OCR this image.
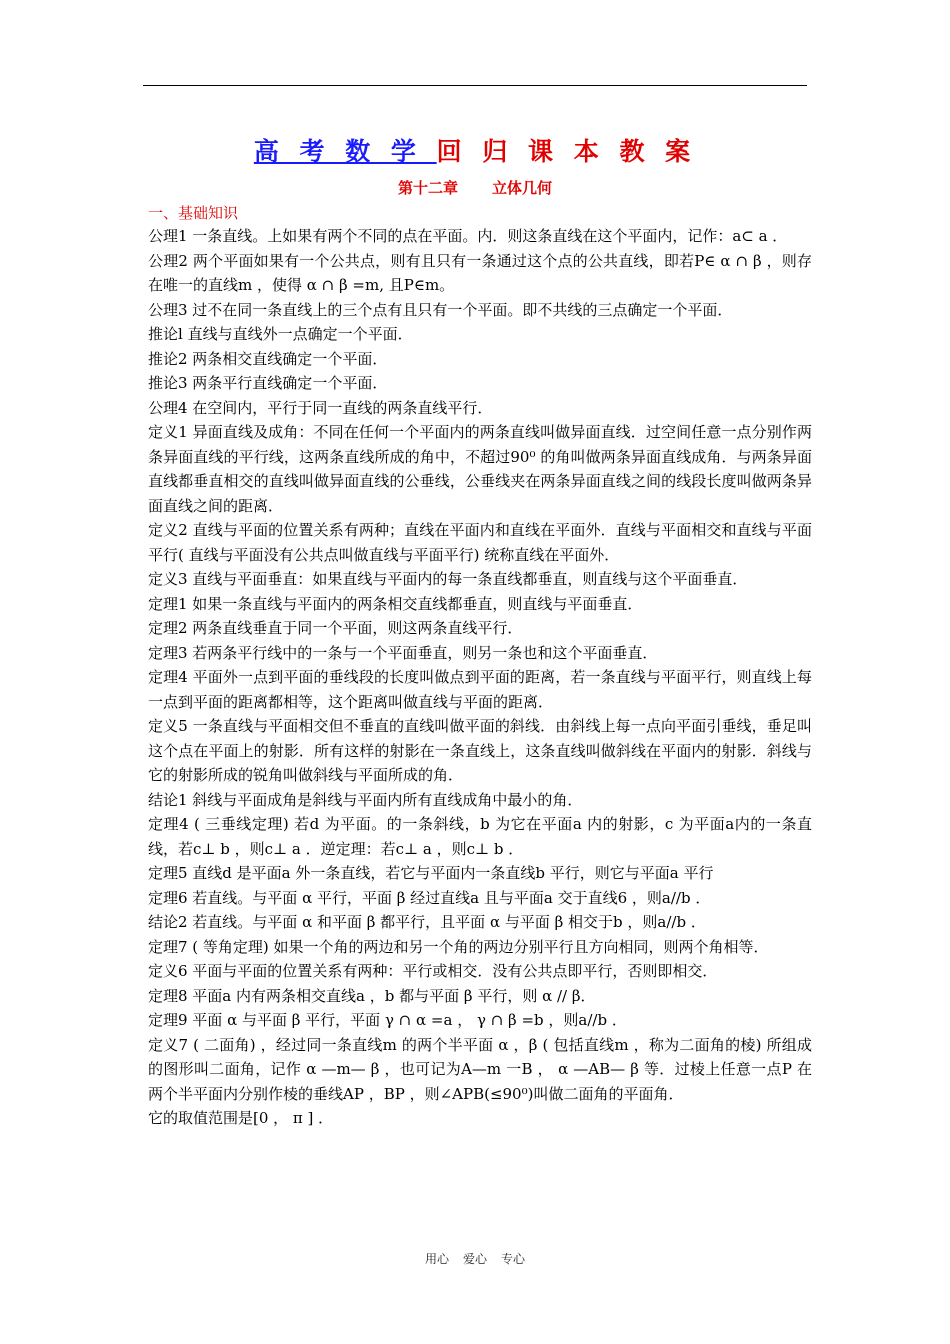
高 考 数 学 回 归 课 本 教 案
第十二章 立体几何
一、基础知识

公理1 一条直线。上如果有两个不同的点在平面。内．则这条直线在这个平面内，记作：a⊂ a ．

公理2 两个平面如果有一个公共点，则有且只有一条通过这个点的公共直线，即若P∈ α ∩ β ，则存在唯一的直线m ，使得 α ∩ β =m, 且P∈m。

公理3 过不在同一条直线上的三个点有且只有一个平面。即不共线的三点确定一个平面．

推论l 直线与直线外一点确定一个平面．

推论2 两条相交直线确定一个平面．

推论3 两条平行直线确定一个平面．

公理4 在空间内，平行于同一直线的两条直线平行．

定义1 异面直线及成角：不同在任何一个平面内的两条直线叫做异面直线．过空间任意一点分别作两条异面直线的平行线，这两条直线所成的角中，不超过90⁰ 的角叫做两条异面直线成角．与两条异面直线都垂直相交的直线叫做异面直线的公垂线，公垂线夹在两条异面直线之间的线段长度叫做两条异面直线之间的距离．

定义2 直线与平面的位置关系有两种；直线在平面内和直线在平面外．直线与平面相交和直线与平面平行( 直线与平面没有公共点叫做直线与平面平行) 统称直线在平面外．

定义3 直线与平面垂直：如果直线与平面内的每一条直线都垂直，则直线与这个平面垂直．

定理1 如果一条直线与平面内的两条相交直线都垂直，则直线与平面垂直．

定理2 两条直线垂直于同一个平面，则这两条直线平行．

定理3 若两条平行线中的一条与一个平面垂直，则另一条也和这个平面垂直．

定理4 平面外一点到平面的垂线段的长度叫做点到平面的距离，若一条直线与平面平行，则直线上每一点到平面的距离都相等，这个距离叫做直线与平面的距离．

定义5 一条直线与平面相交但不垂直的直线叫做平面的斜线．由斜线上每一点向平面引垂线，垂足叫这个点在平面上的射影．所有这样的射影在一条直线上，这条直线叫做斜线在平面内的射影．斜线与它的射影所成的锐角叫做斜线与平面所成的角．

结论1 斜线与平面成角是斜线与平面内所有直线成角中最小的角．

定理4 ( 三垂线定理) 若d 为平面。的一条斜线，b 为它在平面a 内的射影，c 为平面a内的一条直线，若c⊥ b ，则c⊥ a ．逆定理：若c⊥ a ，则c⊥ b ．

定理5 直线d 是平面a 外一条直线，若它与平面内一条直线b 平行，则它与平面a 平行

定理6 若直线。与平面 α 平行，平面 β 经过直线a 且与平面a 交于直线6 ，则a//b ．

结论2 若直线。与平面 α 和平面 β 都平行，且平面 α 与平面 β 相交于b ，则a//b ．

定理7 ( 等角定理) 如果一个角的两边和另一个角的两边分别平行且方向相同，则两个角相等．

定义6 平面与平面的位置关系有两种：平行或相交．没有公共点即平行，否则即相交．

定理8 平面a 内有两条相交直线a ，b 都与平面 β 平行，则 α // β．

定理9 平面 α 与平面 β 平行，平面 γ ∩ α =a ， γ ∩ β =b ，则a//b ．

定义7 ( 二面角) ，经过同一条直线m 的两个半平面 α ，β ( 包括直线m ，称为二面角的棱) 所组成的图形叫二面角，记作 α —m— β ，也可记为A—m 一B ， α —AB— β 等．过棱上任意一点P 在两个半平面内分别作棱的垂线AP ，BP ，则∠APB(≤90⁰)叫做二面角的平面角．

它的取值范围是[0 ， π ] ．

用心 爱心 专心
